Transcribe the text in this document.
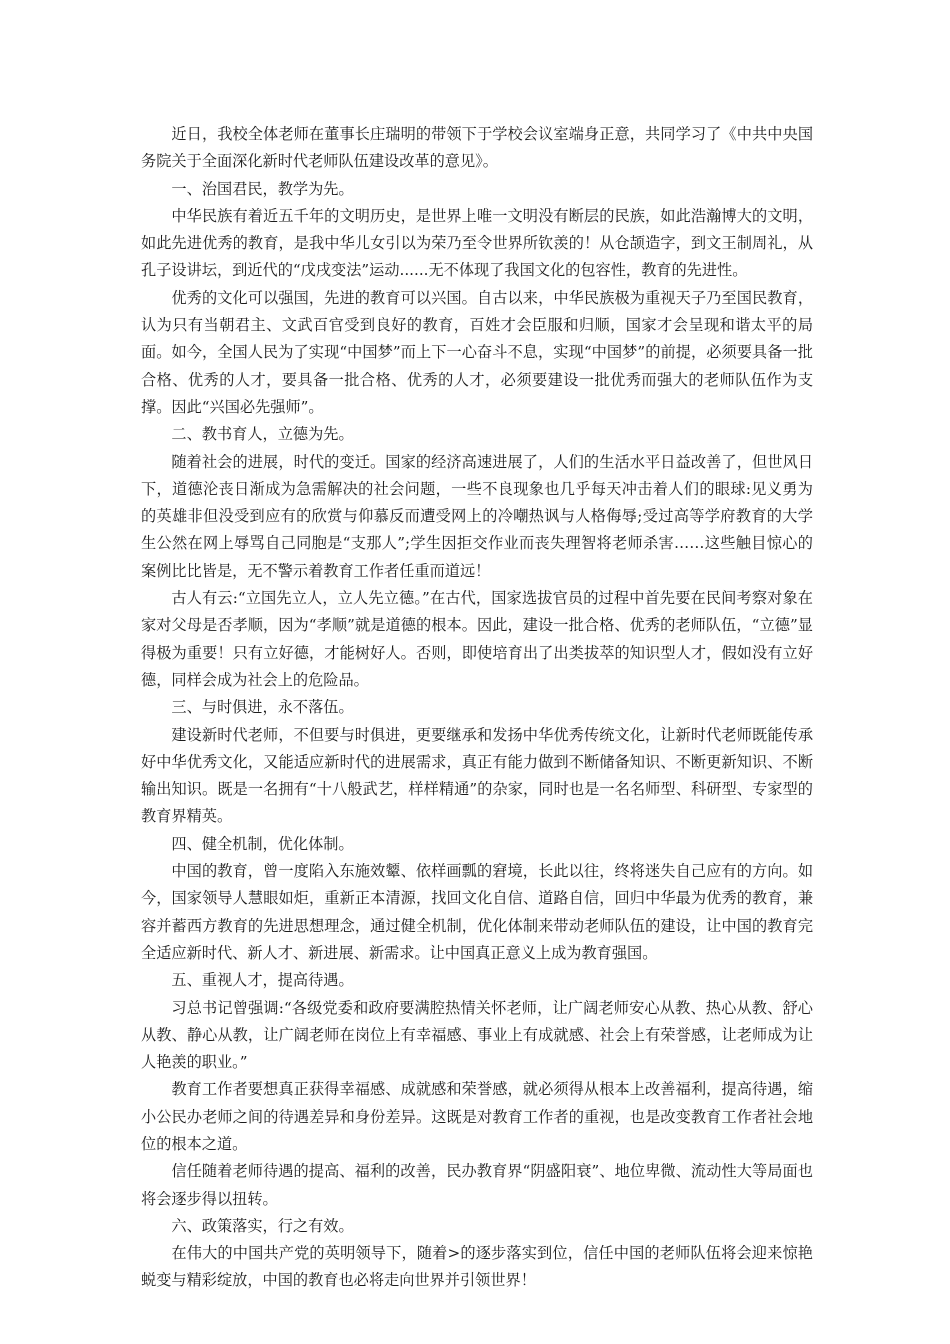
近日，我校全体老师在董事长庄瑞明的带领下于学校会议室端身正意，共同学习了《中共中央国务院关于全面深化新时代老师队伍建设改革的意见》。

一、治国君民，教学为先。

中华民族有着近五千年的文明历史，是世界上唯一文明没有断层的民族，如此浩瀚博大的文明，如此先进优秀的教育，是我中华儿女引以为荣乃至令世界所钦羡的！从仓颉造字，到文王制周礼，从孔子设讲坛，到近代的“戊戌变法”运动......无不体现了我国文化的包容性，教育的先进性。

优秀的文化可以强国，先进的教育可以兴国。自古以来，中华民族极为重视天子乃至国民教育，认为只有当朝君主、文武百官受到良好的教育，百姓才会臣服和归顺，国家才会呈现和谐太平的局面。如今，全国人民为了实现“中国梦”而上下一心奋斗不息，实现“中国梦”的前提，必须要具备一批合格、优秀的人才，要具备一批合格、优秀的人才，必须要建设一批优秀而强大的老师队伍作为支撑。因此“兴国必先强师”。

二、教书育人，立德为先。

随着社会的进展，时代的变迁。国家的经济高速进展了，人们的生活水平日益改善了，但世风日下，道德沦丧日渐成为急需解决的社会问题，一些不良现象也几乎每天冲击着人们的眼球:见义勇为的英雄非但没受到应有的欣赏与仰慕反而遭受网上的冷嘲热讽与人格侮辱;受过高等学府教育的大学生公然在网上辱骂自己同胞是“支那人”;学生因拒交作业而丧失理智将老师杀害……这些触目惊心的案例比比皆是，无不警示着教育工作者任重而道远！

古人有云:“立国先立人，立人先立德。”在古代，国家选拔官员的过程中首先要在民间考察对象在家对父母是否孝顺，因为“孝顺”就是道德的根本。因此，建设一批合格、优秀的老师队伍，“立德”显得极为重要！只有立好德，才能树好人。否则，即使培育出了出类拔萃的知识型人才，假如没有立好德，同样会成为社会上的危险品。

三、与时俱进，永不落伍。

建设新时代老师，不但要与时俱进，更要继承和发扬中华优秀传统文化，让新时代老师既能传承好中华优秀文化，又能适应新时代的进展需求，真正有能力做到不断储备知识、不断更新知识、不断输出知识。既是一名拥有“十八般武艺，样样精通”的杂家，同时也是一名名师型、科研型、专家型的教育界精英。

四、健全机制，优化体制。

中国的教育，曾一度陷入东施效颦、依样画瓢的窘境，长此以往，终将迷失自己应有的方向。如今，国家领导人慧眼如炬，重新正本清源，找回文化自信、道路自信，回归中华最为优秀的教育，兼容并蓄西方教育的先进思想理念，通过健全机制，优化体制来带动老师队伍的建设，让中国的教育完全适应新时代、新人才、新进展、新需求。让中国真正意义上成为教育强国。

五、重视人才，提高待遇。

习总书记曾强调:“各级党委和政府要满腔热情关怀老师，让广阔老师安心从教、热心从教、舒心从教、静心从教，让广阔老师在岗位上有幸福感、事业上有成就感、社会上有荣誉感，让老师成为让人艳羡的职业。”

教育工作者要想真正获得幸福感、成就感和荣誉感，就必须得从根本上改善福利，提高待遇，缩小公民办老师之间的待遇差异和身份差异。这既是对教育工作者的重视，也是改变教育工作者社会地位的根本之道。

信任随着老师待遇的提高、福利的改善，民办教育界“阴盛阳衰”、地位卑微、流动性大等局面也将会逐步得以扭转。

六、政策落实，行之有效。

在伟大的中国共产党的英明领导下，随着>的逐步落实到位，信任中国的老师队伍将会迎来惊艳蜕变与精彩绽放，中国的教育也必将走向世界并引领世界！
